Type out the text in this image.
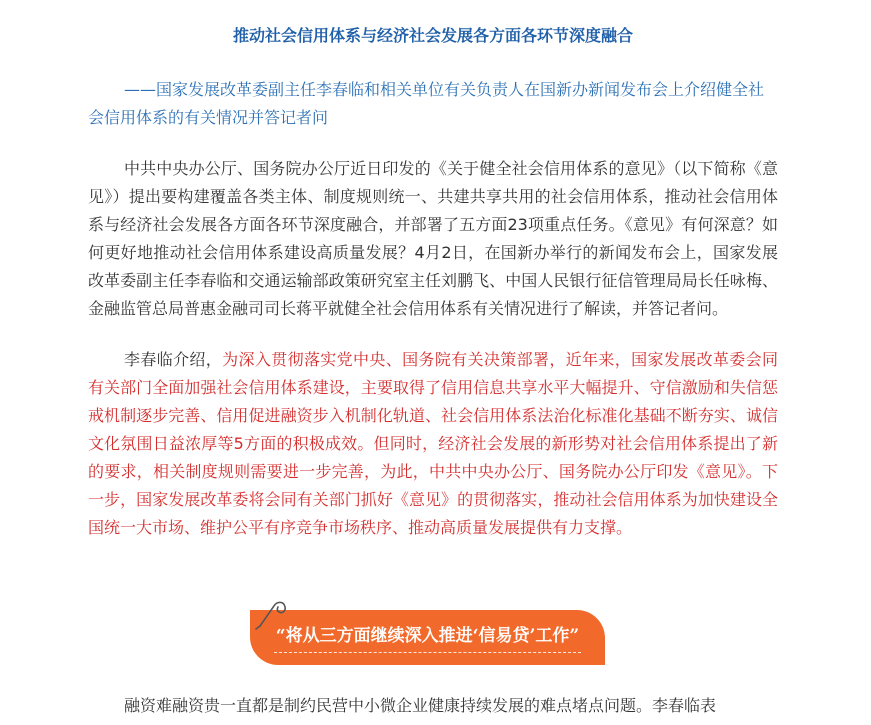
推动社会信用体系与经济社会发展各方面各环节深度融合
——国家发展改革委副主任李春临和相关单位有关负责人在国新办新闻发布会上介绍健全社会信用体系的有关情况并答记者问
中共中央办公厅、国务院办公厅近日印发的《关于健全社会信用体系的意见》（以下简称《意见》）提出要构建覆盖各类主体、制度规则统一、共建共享共用的社会信用体系，推动社会信用体系与经济社会发展各方面各环节深度融合，并部署了五方面23项重点任务。《意见》有何深意？如何更好地推动社会信用体系建设高质量发展？4月2日，在国新办举行的新闻发布会上，国家发展改革委副主任李春临和交通运输部政策研究室主任刘鹏飞、中国人民银行征信管理局局长任咏梅、金融监管总局普惠金融司司长蒋平就健全社会信用体系有关情况进行了解读，并答记者问。
李春临介绍，为深入贯彻落实党中央、国务院有关决策部署，近年来，国家发展改革委会同有关部门全面加强社会信用体系建设，主要取得了信用信息共享水平大幅提升、守信激励和失信惩戒机制逐步完善、信用促进融资步入机制化轨道、社会信用体系法治化标准化基础不断夯实、诚信文化氛围日益浓厚等5方面的积极成效。但同时，经济社会发展的新形势对社会信用体系提出了新的要求，相关制度规则需要进一步完善，为此，中共中央办公厅、国务院办公厅印发《意见》。下一步，国家发展改革委将会同有关部门抓好《意见》的贯彻落实，推动社会信用体系为加快建设全国统一大市场、维护公平有序竞争市场秩序、推动高质量发展提供有力支撑。
“将从三方面继续深入推进‘信易贷’工作”
融资难融资贵一直都是制约民营中小微企业健康持续发展的难点堵点问题。李春临表
